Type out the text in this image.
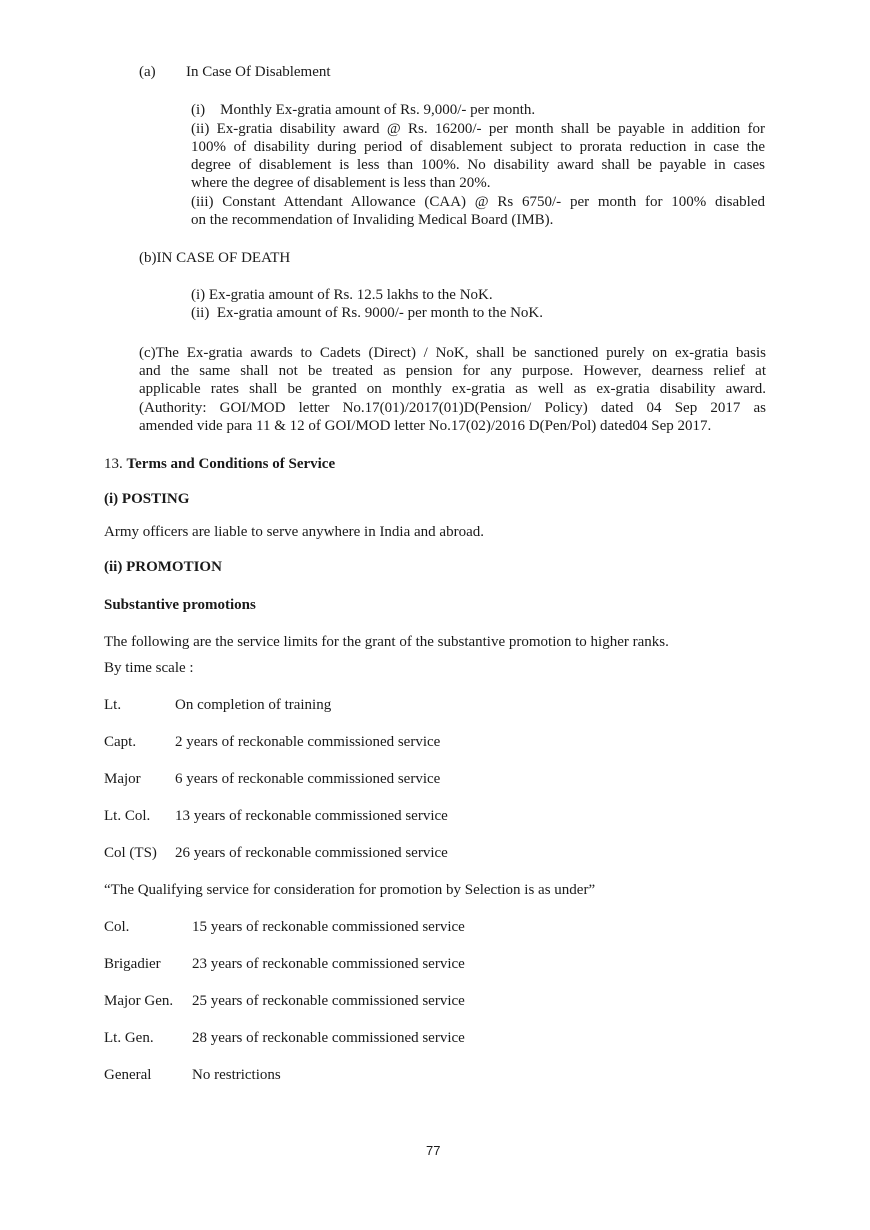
(a) In Case Of Disablement
(i)    Monthly Ex-gratia amount of Rs. 9,000/- per month.
(ii) Ex-gratia disability award @ Rs. 16200/- per month shall be payable in addition for
100% of disability during period of disablement subject to prorata reduction in case the
degree of disablement is less than 100%. No disability award shall be payable in cases
where the degree of disablement is less than 20%.
(iii) Constant Attendant Allowance (CAA) @ Rs 6750/- per month for 100% disabled
on the recommendation of Invaliding Medical Board (IMB).
(b)IN CASE OF DEATH
(i) Ex-gratia amount of Rs. 12.5 lakhs to the NoK.
(ii)  Ex-gratia amount of Rs. 9000/- per month to the NoK.
(c)The Ex-gratia awards to Cadets (Direct) / NoK, shall be sanctioned purely on ex-gratia basis
and the same shall not be treated as pension for any purpose. However, dearness relief at
applicable rates shall be granted on monthly ex-gratia as well as ex-gratia disability award.
(Authority: GOI/MOD letter No.17(01)/2017(01)D(Pension/ Policy) dated 04 Sep 2017 as
amended vide para 11 & 12 of GOI/MOD letter No.17(02)/2016 D(Pen/Pol) dated04 Sep 2017.
13. Terms and Conditions of Service
(i) POSTING
Army officers are liable to serve anywhere in India and abroad.
(ii) PROMOTION
Substantive promotions
The following are the service limits for the grant of the substantive promotion to higher ranks.
By time scale :
Lt.	On completion of training
Capt.	2 years of reckonable commissioned service
Major 6 years of reckonable commissioned service
Lt. Col. 13 years of reckonable commissioned service
Col (TS) 26 years of reckonable commissioned service
“The Qualifying service for consideration for promotion by Selection is as under”
Col.	15 years of reckonable commissioned service
Brigadier 23 years of reckonable commissioned service
Major Gen. 25 years of reckonable commissioned service
Lt. Gen.	28 years of reckonable commissioned service
General	No restrictions
77
